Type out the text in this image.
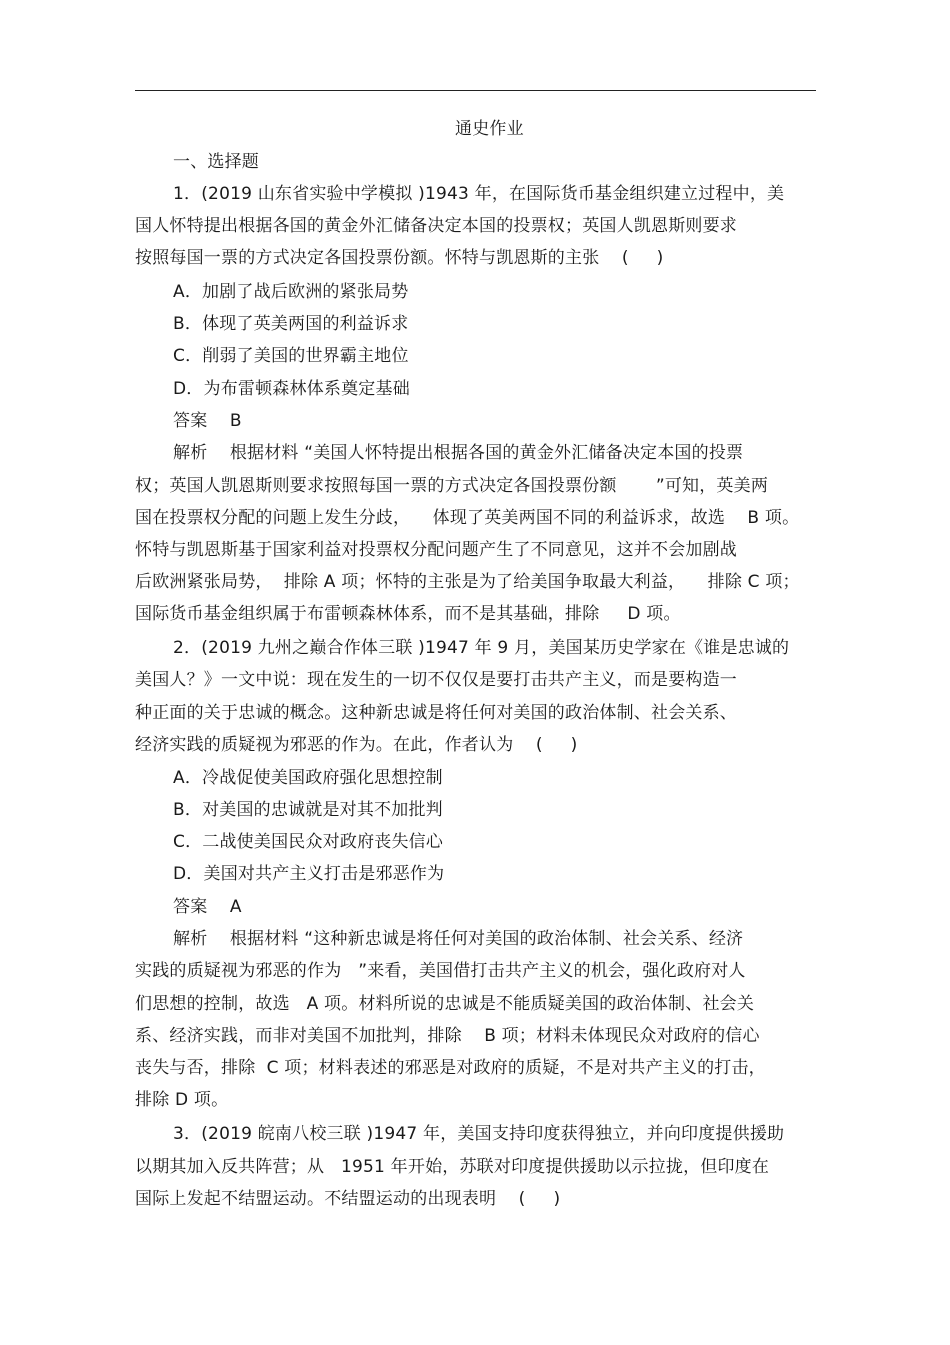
通史作业
一、选择题
1．(2019 山东省实验中学模拟 )1943 年，在国际货币基金组织建立过程中，美
国人怀特提出根据各国的黄金外汇储备决定本国的投票权；英国人凯恩斯则要求
按照每国一票的方式决定各国投票份额。怀特与凯恩斯的主张    (     )
A．加剧了战后欧洲的紧张局势
B．体现了英美两国的利益诉求
C．削弱了美国的世界霸主地位
D．为布雷顿森林体系奠定基础
答案    B
解析    根据材料 “美国人怀特提出根据各国的黄金外汇储备决定本国的投票
权；英国人凯恩斯则要求按照每国一票的方式决定各国投票份额       ”可知，英美两
国在投票权分配的问题上发生分歧，    体现了英美两国不同的利益诉求，故选    B 项。
怀特与凯恩斯基于国家利益对投票权分配问题产生了不同意见，这并不会加剧战
后欧洲紧张局势，  排除 A 项；怀特的主张是为了给美国争取最大利益，    排除 C 项；
国际货币基金组织属于布雷顿森林体系，而不是其基础，排除     D 项。
2．(2019 九州之巅合作体三联 )1947 年 9 月，美国某历史学家在《谁是忠诚的
美国人？》一文中说：现在发生的一切不仅仅是要打击共产主义，而是要构造一
种正面的关于忠诚的概念。这种新忠诚是将任何对美国的政治体制、社会关系、
经济实践的质疑视为邪恶的作为。在此，作者认为    (     )
A．冷战促使美国政府强化思想控制
B．对美国的忠诚就是对其不加批判
C．二战使美国民众对政府丧失信心
D．美国对共产主义打击是邪恶作为
答案    A
解析    根据材料 “这种新忠诚是将任何对美国的政治体制、社会关系、经济
实践的质疑视为邪恶的作为   ”来看，美国借打击共产主义的机会，强化政府对人
们思想的控制，故选   A 项。材料所说的忠诚是不能质疑美国的政治体制、社会关
系、经济实践，而非对美国不加批判，排除    B 项；材料未体现民众对政府的信心
丧失与否，排除  C 项；材料表述的邪恶是对政府的质疑，不是对共产主义的打击，
排除 D 项。
3．(2019 皖南八校三联 )1947 年，美国支持印度获得独立，并向印度提供援助
以期其加入反共阵营；从   1951 年开始，苏联对印度提供援助以示拉拢，但印度在
国际上发起不结盟运动。不结盟运动的出现表明    (     )
